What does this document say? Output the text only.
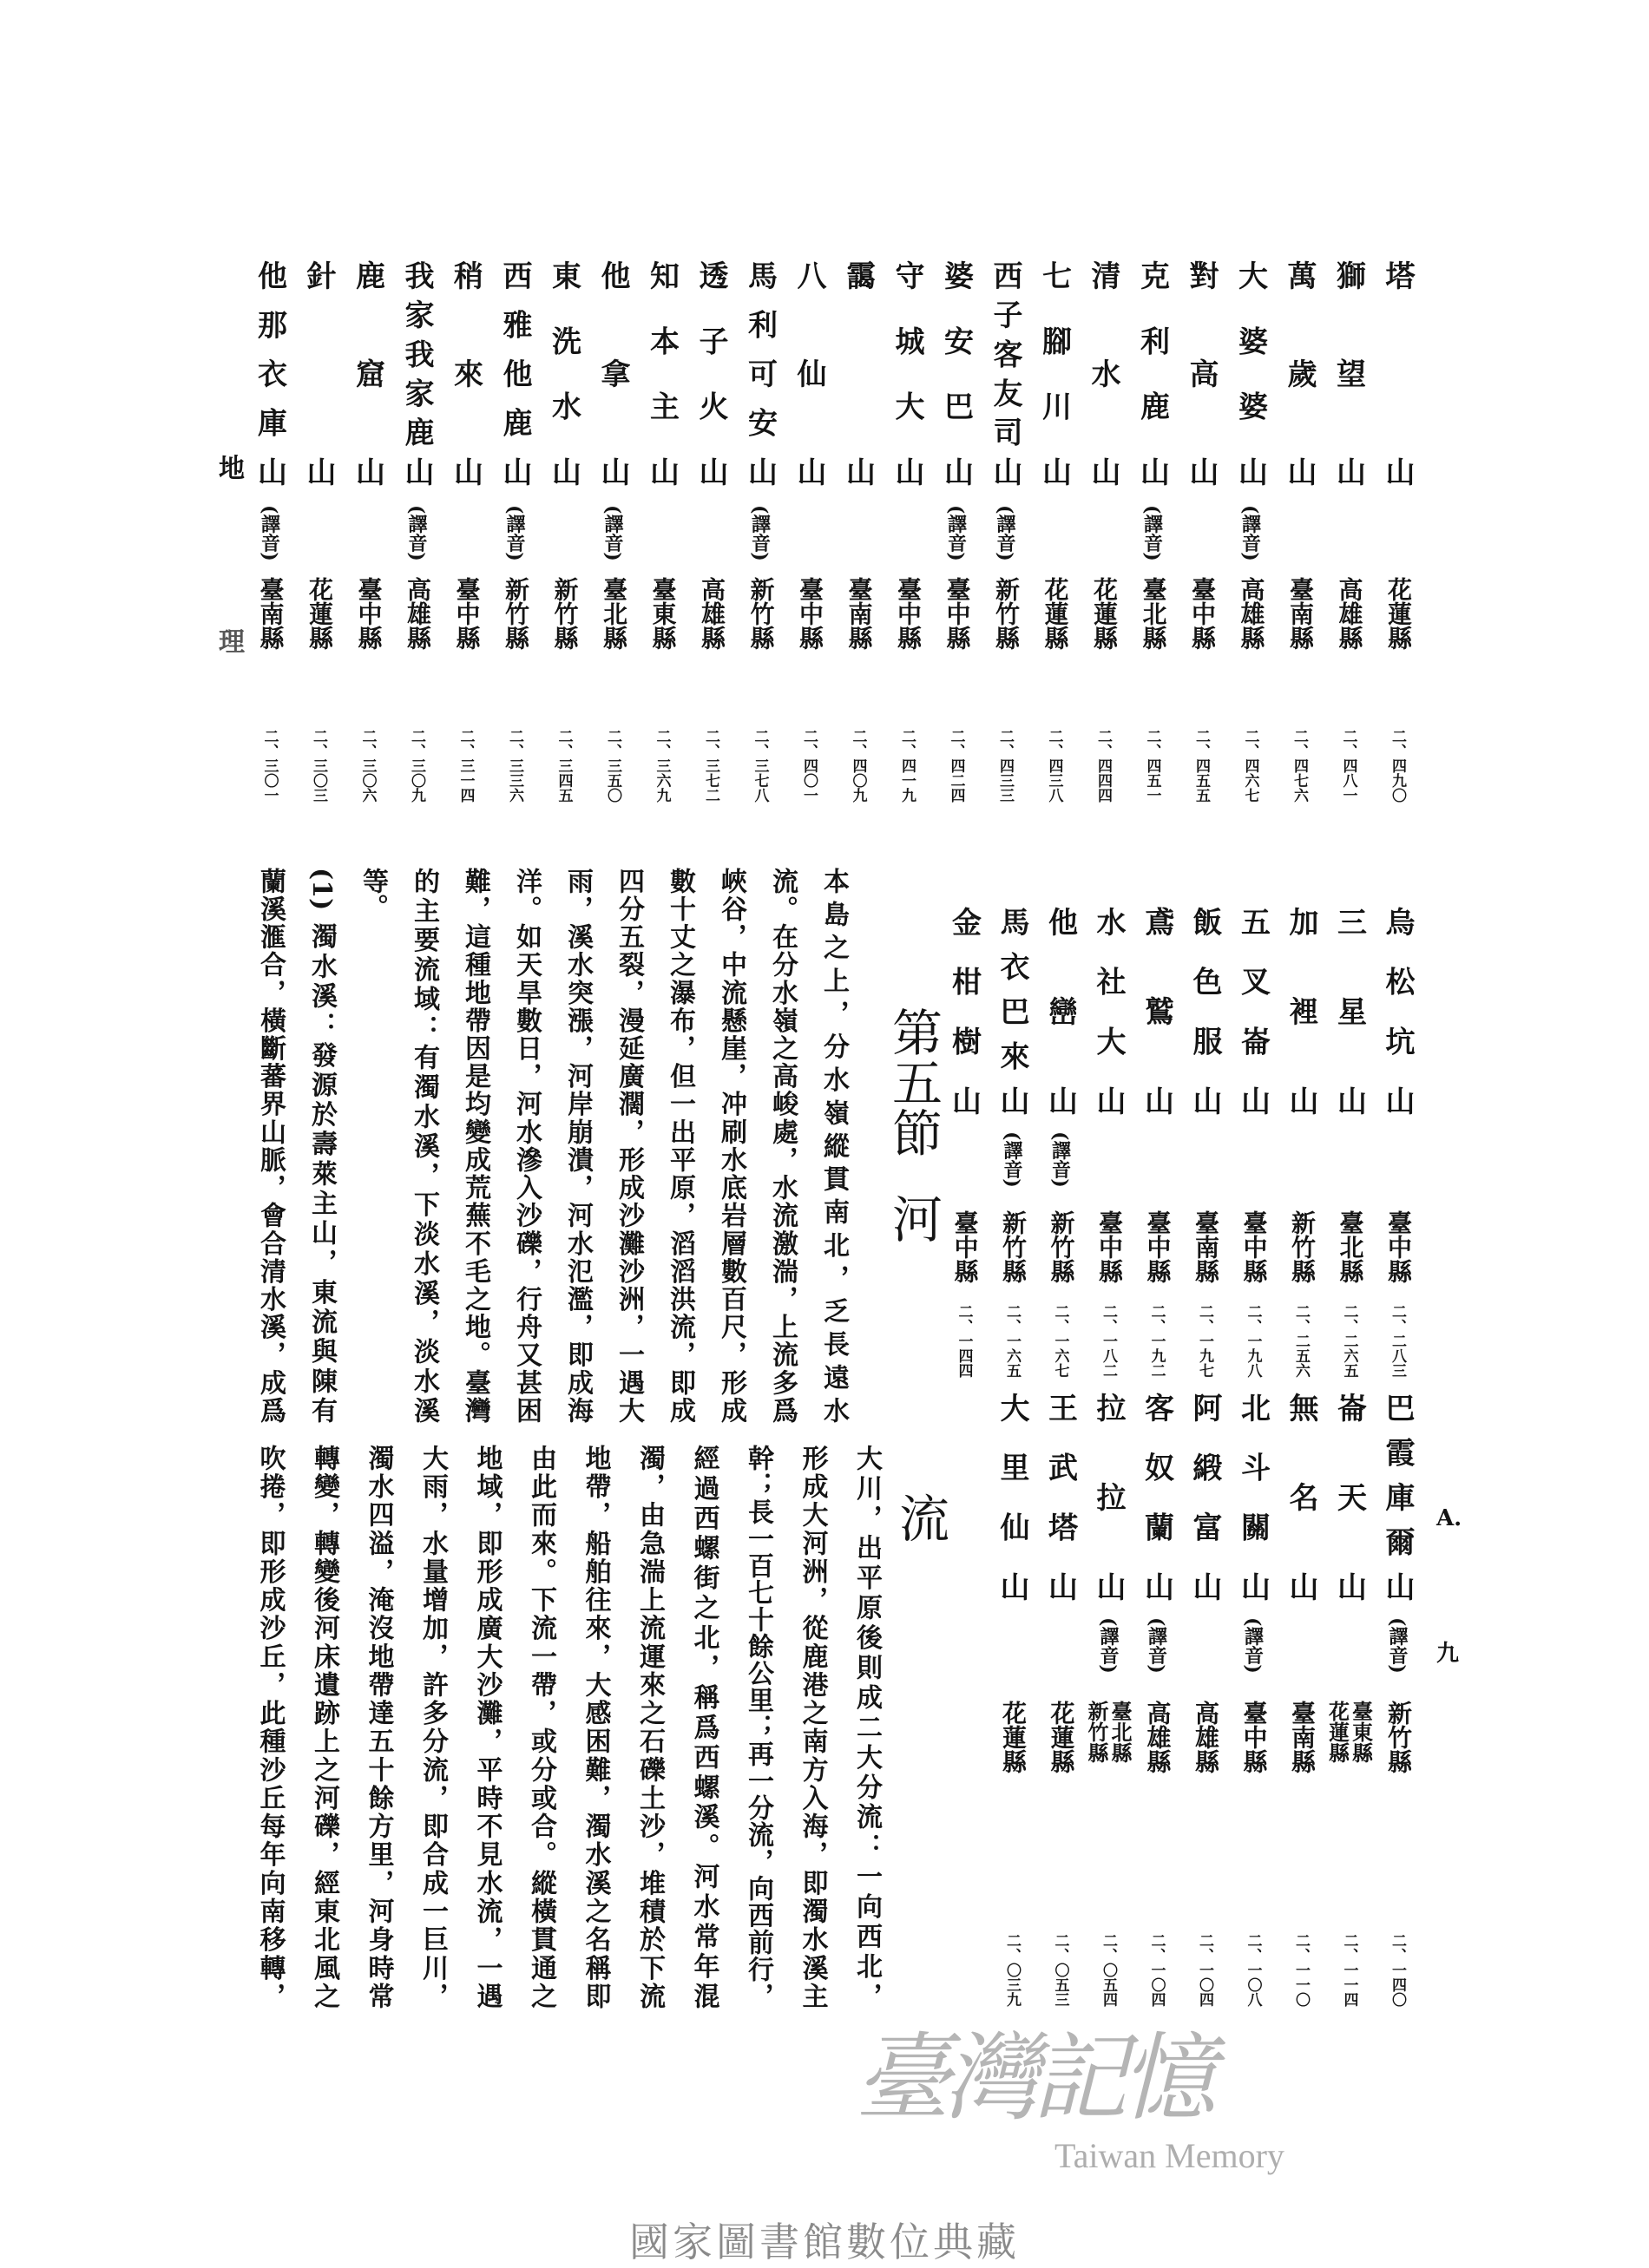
地
理
A.
九
塔山
花蓮縣
二、四九〇
獅望山
高雄縣
二、四八一
萬歲山
臺南縣
二、四七六
大婆婆山
(譯音)
高雄縣
二、四六七
對高山
臺中縣
二、四五五
克利鹿山
(譯音)
臺北縣
二、四五一
清水山
花蓮縣
二、四四四
七腳川山
花蓮縣
二、四三八
西子客友司山
(譯音)
新竹縣
二、四三三
婆安巴山
(譯音)
臺中縣
二、四二四
守城大山
臺中縣
二、四一九
靄山
臺南縣
二、四〇九
八仙山
臺中縣
二、四〇一
馬利可安山
(譯音)
新竹縣
二、三七八
透子火山
高雄縣
二、三七二
知本主山
臺東縣
二、三六九
他拿山
(譯音)
臺北縣
二、三五〇
東洗水山
新竹縣
二、三四五
西雅他鹿山
(譯音)
新竹縣
二、三三六
稍來山
臺中縣
二、三一四
我家我家鹿山
(譯音)
高雄縣
二、三〇九
鹿窟山
臺中縣
二、三〇六
針山
花蓮縣
二、三〇三
他那衣庫山
(譯音)
臺南縣
二、三〇一
烏松坑山
臺中縣
二、二八三
三星山
臺北縣
二、二六五
加裡山
新竹縣
二、二五六
五叉崙山
臺中縣
二、一九八
飯色服山
臺南縣
二、一九七
鳶鷲山
臺中縣
二、一九二
水社大山
臺中縣
二、一八二
他巒山
(譯音)
新竹縣
二、一六七
馬衣巴來山
(譯音)
新竹縣
二、一六五
金柑樹山
臺中縣
二、一四四
巴霞庫爾山
(譯音)
新竹縣
二、一四〇
崙天山
臺東縣花蓮縣
二、一一四
無名山
臺南縣
二、一一〇
北斗關山
(譯音)
臺中縣
二、一〇八
阿緞富山
高雄縣
二、一〇四
客奴蘭山
(譯音)
高雄縣
二、一〇四
拉拉山
(譯音)
臺北縣新竹縣
二、〇五四
王武塔山
花蓮縣
二、〇五三
大里仙山
花蓮縣
二、〇三九
第五節
河
流
本島之上，分水嶺縱貫南北，乏長遠水
流。在分水嶺之高峻處，水流激湍，上流多爲
峽谷，中流懸崖，冲刷水底岩層數百尺，形成
數十丈之瀑布，但一出平原，滔滔洪流，即成
四分五裂，漫延廣濶，形成沙灘沙洲，一遇大
雨，溪水突漲，河岸崩潰，河水氾濫，即成海
洋。如天旱數日，河水滲入沙礫，行舟又甚困
難，這種地帶因是均變成荒蕪不毛之地。臺灣
的主要流域：有濁水溪，下淡水溪，淡水溪
等。
(1) 濁水溪：發源於壽萊主山，東流與陳有
蘭溪滙合，橫斷蕃界山脈，會合清水溪，成爲
大川，出平原後則成二大分流：一向西北，
形成大河洲，從鹿港之南方入海，即濁水溪主
幹；長一百七十餘公里；再一分流，向西前行，
經過西螺街之北，稱爲西螺溪。河水常年混
濁，由急湍上流運來之石礫土沙，堆積於下流
地帶，船舶往來，大感困難，濁水溪之名稱即
由此而來。下流一帶，或分或合。縱橫貫通之
地域，即形成廣大沙灘，平時不見水流，一遇
大雨，水量增加，許多分流，即合成一巨川，
濁水四溢，淹沒地帶達五十餘方里，河身時常
轉變，轉變後河床遺跡上之河礫，經東北風之
吹捲，即形成沙丘，此種沙丘每年向南移轉，
臺灣記憶
Taiwan Memory
國家圖書館數位典藏
